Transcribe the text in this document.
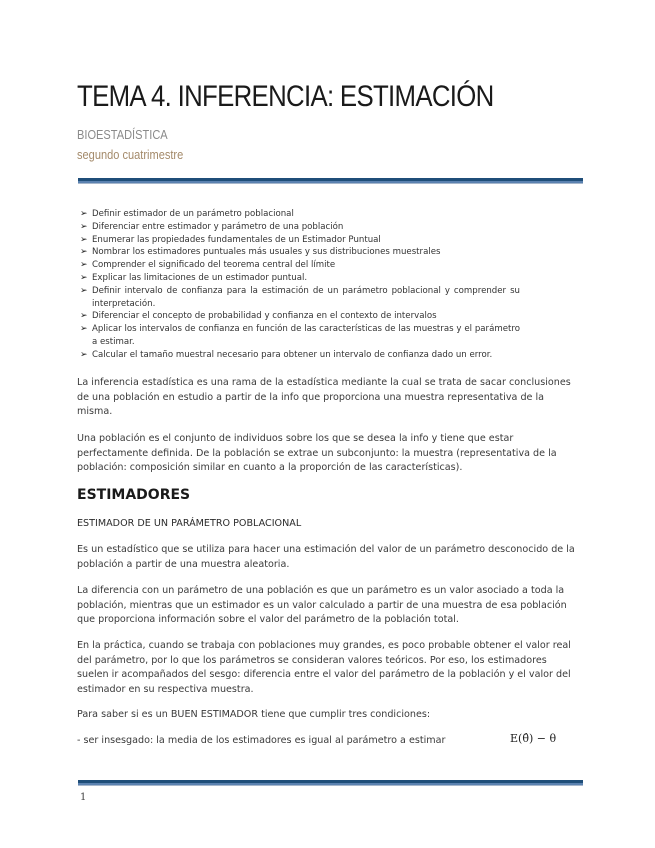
TEMA 4. INFERENCIA: ESTIMACIÓN
BIOESTADÍSTICA
segundo cuatrimestre
➢ Definir estimador de un parámetro poblacional
➢ Diferenciar entre estimador y parámetro de una población
➢ Enumerar las propiedades fundamentales de un Estimador Puntual
➢ Nombrar los estimadores puntuales más usuales y sus distribuciones muestrales
➢ Comprender el significado del teorema central del límite
➢ Explicar las limitaciones de un estimador puntual.
➢ Definir intervalo de confianza para la estimación de un parámetro poblacional y comprender su interpretación.
➢ Diferenciar el concepto de probabilidad y confianza en el contexto de intervalos
➢ Aplicar los intervalos de confianza en función de las características de las muestras y el parámetro a estimar.
➢ Calcular el tamaño muestral necesario para obtener un intervalo de confianza dado un error.

La inferencia estadística es una rama de la estadística mediante la cual se trata de sacar conclusiones de una población en estudio a partir de la info que proporciona una muestra representativa de la misma.

Una población es el conjunto de individuos sobre los que se desea la info y tiene que estar perfectamente definida. De la población se extrae un subconjunto: la muestra (representativa de la población: composición similar en cuanto a la proporción de las características).

ESTIMADORES

ESTIMADOR DE UN PARÁMETRO POBLACIONAL

Es un estadístico que se utiliza para hacer una estimación del valor de un parámetro desconocido de la población a partir de una muestra aleatoria.

La diferencia con un parámetro de una población es que un parámetro es un valor asociado a toda la población, mientras que un estimador es un valor calculado a partir de una muestra de esa población que proporciona información sobre el valor del parámetro de la población total.

En la práctica, cuando se trabaja con poblaciones muy grandes, es poco probable obtener el valor real del parámetro, por lo que los parámetros se consideran valores teóricos. Por eso, los estimadores suelen ir acompañados del sesgo: diferencia entre el valor del parámetro de la población y el valor del estimador en su respectiva muestra.

Para saber si es un BUEN ESTIMADOR tiene que cumplir tres condiciones:

- ser insesgado: la media de los estimadores es igual al parámetro a estimar	E(θ̂) − θ
1
